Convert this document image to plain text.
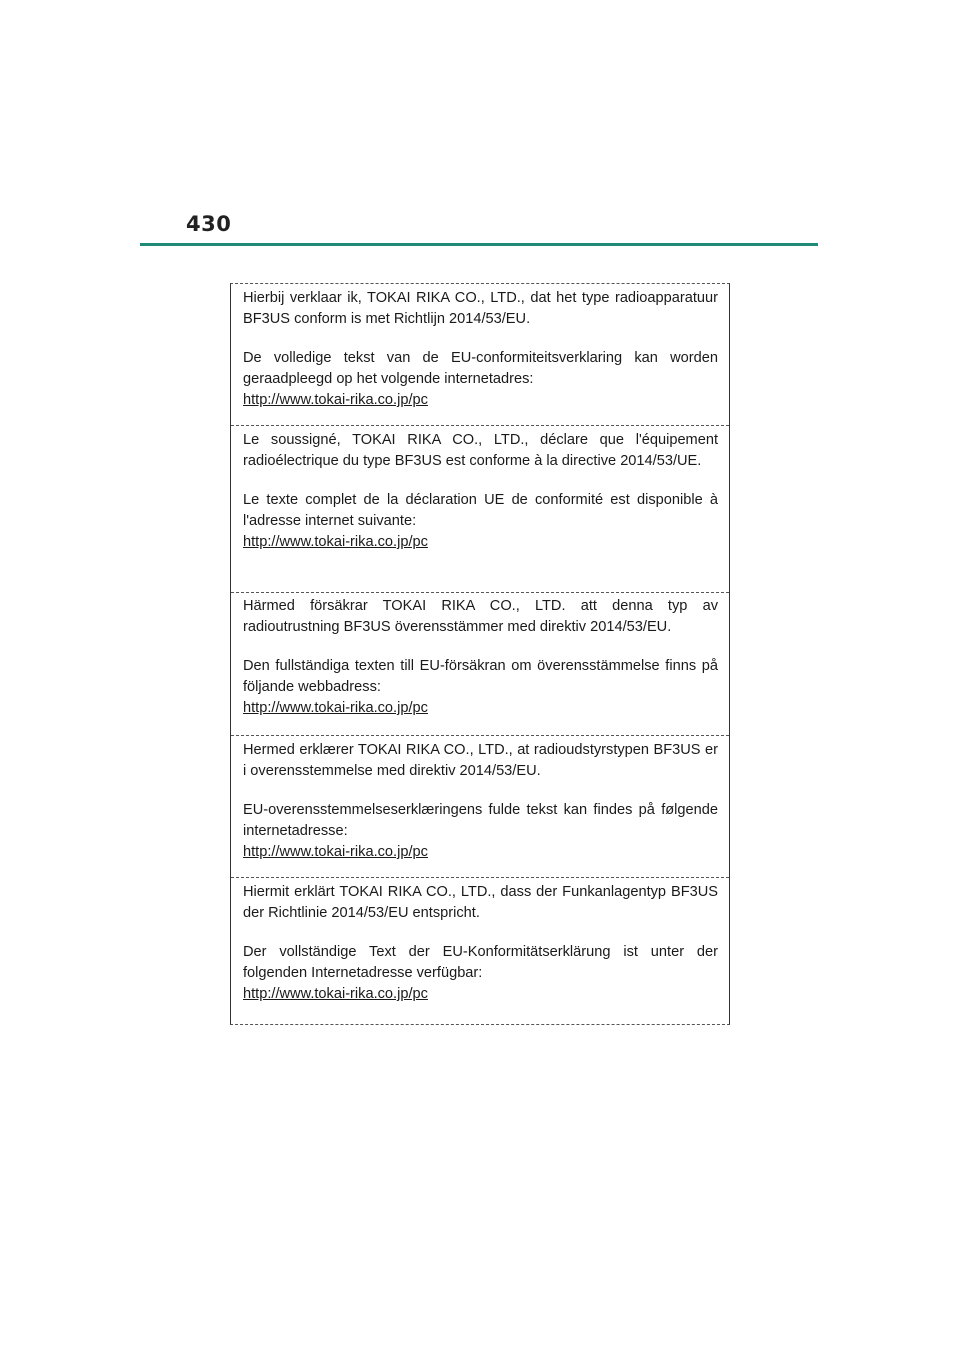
430

Hierbij verklaar ik, TOKAI RIKA CO., LTD., dat het type radioapparatuur BF3US conform is met Richtlijn 2014/53/EU.

De volledige tekst van de EU-conformiteitsverklaring kan worden geraadpleegd op het volgende internetadres:

http://www.tokai-rika.co.jp/pc

Le soussigné, TOKAI RIKA CO., LTD., déclare que l'équipement radioélectrique du type BF3US est conforme à la directive 2014/53/UE.

Le texte complet de la déclaration UE de conformité est disponible à l'adresse internet suivante:

http://www.tokai-rika.co.jp/pc

Härmed försäkrar TOKAI RIKA CO., LTD. att denna typ av radioutrustning BF3US överensstämmer med direktiv 2014/53/EU.

Den fullständiga texten till EU-försäkran om överensstämmelse finns på följande webbadress:

http://www.tokai-rika.co.jp/pc

Hermed erklærer TOKAI RIKA CO., LTD., at radioudstyrstypen BF3US er i overensstemmelse med direktiv 2014/53/EU.

EU-overensstemmelseserklæringens fulde tekst kan findes på følgende internetadresse:

http://www.tokai-rika.co.jp/pc

Hiermit erklärt TOKAI RIKA CO., LTD., dass der Funkanlagentyp BF3US der Richtlinie 2014/53/EU entspricht.

Der vollständige Text der EU-Konformitätserklärung ist unter der folgenden Internetadresse verfügbar:

http://www.tokai-rika.co.jp/pc
